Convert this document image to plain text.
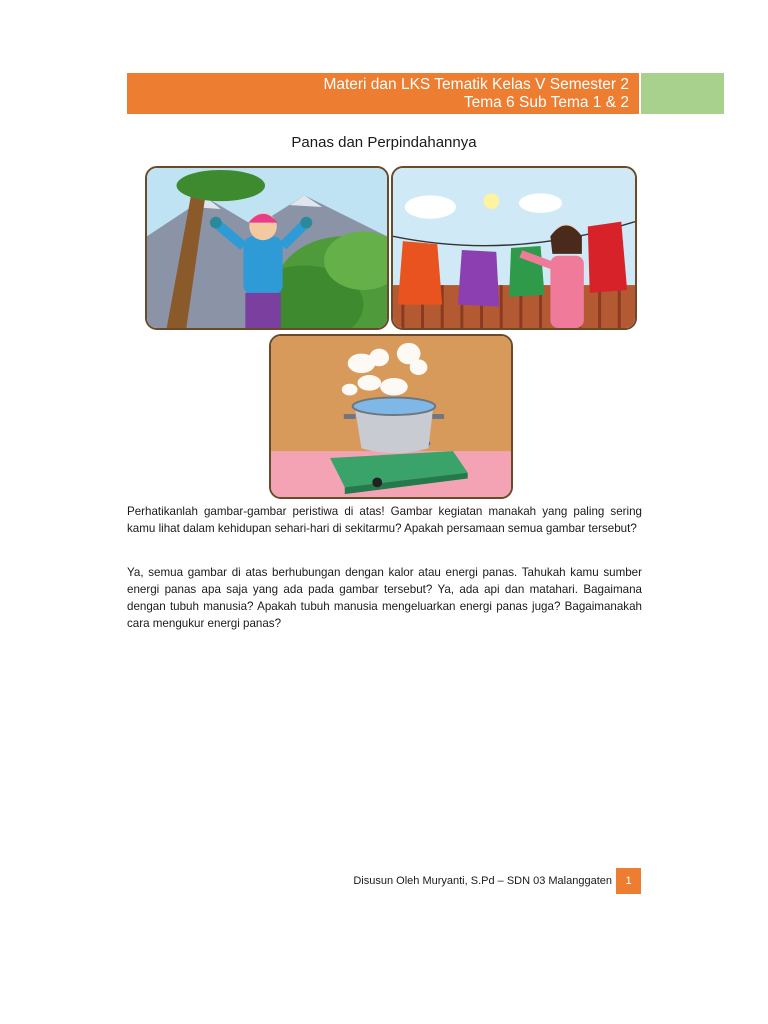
Materi dan LKS Tematik Kelas V Semester 2
Tema 6 Sub Tema 1 & 2
Panas dan Perpindahannya
Perhatikanlah gambar-gambar peristiwa di atas! Gambar kegiatan manakah yang paling sering kamu lihat dalam kehidupan sehari-hari di sekitarmu? Apakah persamaan semua gambar tersebut?
Ya, semua gambar di atas berhubungan dengan kalor atau energi panas. Tahukah kamu sumber energi panas apa saja yang ada pada gambar tersebut? Ya, ada api dan matahari. Bagaimana dengan tubuh manusia? Apakah tubuh manusia mengeluarkan energi panas juga? Bagaimanakah cara mengukur energi panas?
Disusun Oleh Muryanti, S.Pd – SDN 03 Malanggaten	1
